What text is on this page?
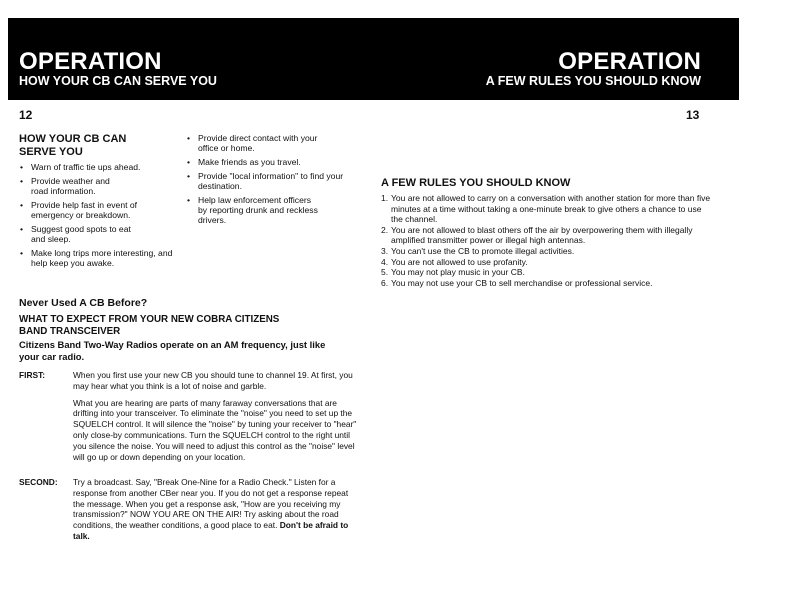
OPERATION
HOW YOUR CB CAN SERVE YOU
OPERATION
A FEW RULES YOU SHOULD KNOW
12	13
HOW YOUR CB CAN
SERVE YOU
• Warn of traffic tie ups ahead.
• Provide weather and road information.
• Provide help fast in event of emergency or breakdown.
• Suggest good spots to eat and sleep.
• Make long trips more interesting, and help keep you awake.
• Provide direct contact with your office or home.
• Make friends as you travel.
• Provide "local information" to find your destination.
• Help law enforcement officers by reporting drunk and reckless drivers.
Never Used A CB Before?
WHAT TO EXPECT FROM YOUR NEW COBRA CITIZENS BAND TRANSCEIVER
Citizens Band Two-Way Radios operate on an AM frequency, just like your car radio.
FIRST:	When you first use your new CB you should tune to channel 19. At first, you may hear what you think is a lot of noise and garble.

What you are hearing are parts of many faraway conversations that are drifting into your transceiver. To eliminate the "noise" you need to set up the SQUELCH control. It will silence the "noise" by tuning your receiver to "hear" only close-by communications. Turn the SQUELCH control to the right until you silence the noise. You will need to adjust this control as the "noise" level will go up or down depending on your location.

SECOND: Try a broadcast. Say, "Break One-Nine for a Radio Check." Listen for a response from another CBer near you. If you do not get a response repeat the message. When you get a response ask, "How are you receiving my transmission?" NOW YOU ARE ON THE AIR! Try asking about the road conditions, the weather conditions, a good place to eat. Don't be afraid to talk.

A FEW RULES YOU SHOULD KNOW
1. You are not allowed to carry on a conversation with another station for more than five minutes at a time without taking a one-minute break to give others a chance to use the channel.
2. You are not allowed to blast others off the air by overpowering them with illegally amplified transmitter power or illegal high antennas.
3. You can't use the CB to promote illegal activities.
4. You are not allowed to use profanity.
5. You may not play music in your CB.
6. You may not use your CB to sell merchandise or professional service.
